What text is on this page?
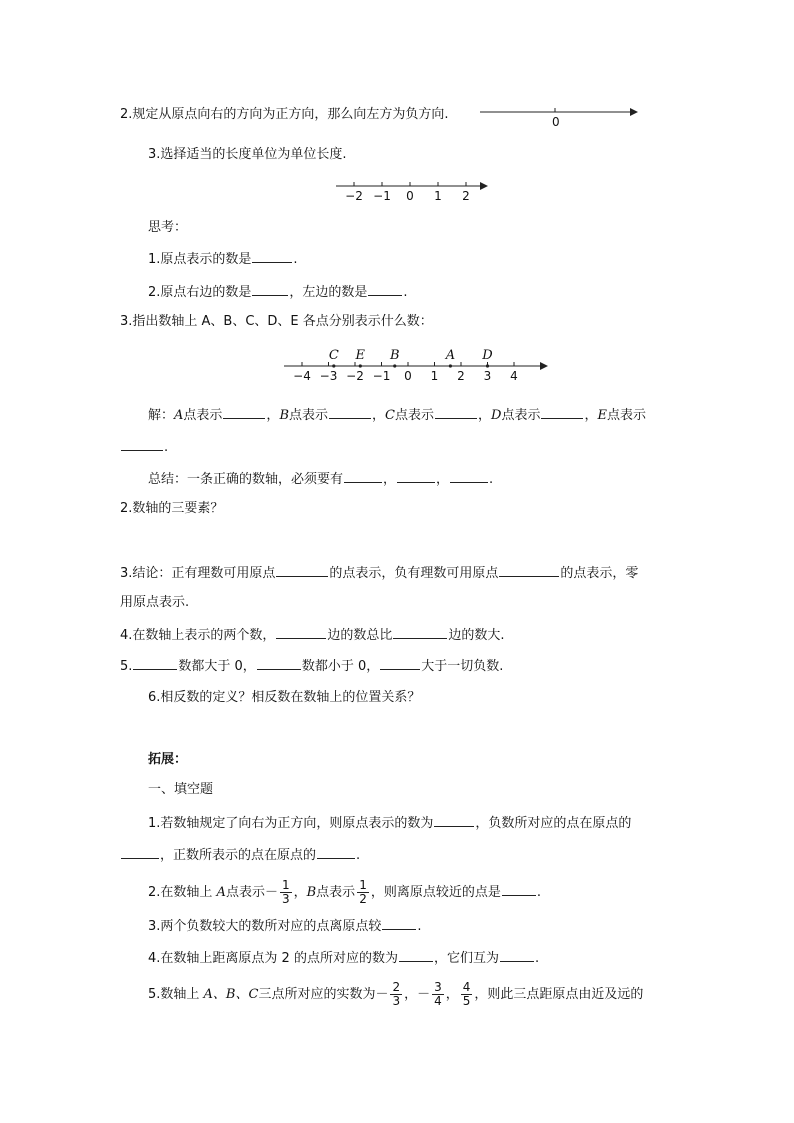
2.规定从原点向右的方向为正方向，那么向左方为负方向.	0
3.选择适当的长度单位为单位长度.
−2 −1 0 1 2
思考：
1.原点表示的数是	.
2.原点右边的数是	，左边的数是	.
3.指出数轴上 A、B、C、D、E 各点分别表示什么数：
−4 −3 −2 −1 0 1 2 3 4
C E B	A D
解：A点表示	，B点表示	，C点表示	，D点表示	，E点表示
.
总结：一条正确的数轴，必须要有	，	，	.
2.数轴的三要素？
3.结论：正有理数可用原点	的点表示，负有理数可用原点	的点表示，零
用原点表示.
4.在数轴上表示的两个数，	边的数总比	边的数大.
5.	数都大于 0，	数都小于 0，	大于一切负数.
6.相反数的定义？相反数在数轴上的位置关系？
拓展：
一、填空题
1.若数轴规定了向右为正方向，则原点表示的数为	，负数所对应的点在原点的
，正数所表示的点在原点的	.
2.在数轴上 A点表示－ $\frac{1}{3}$ ，B点表示 $\frac{1}{2}$ ，则离原点较近的点是	.
3.两个负数较大的数所对应的点离原点较	.
4.在数轴上距离原点为 2 的点所对应的数为	，它们互为	.
5.数轴上 A、B、C三点所对应的实数为－ $\frac{2}{3}$ ，－ $\frac{3}{4}$ ， $\frac{4}{5}$ ，则此三点距原点由近及远的
